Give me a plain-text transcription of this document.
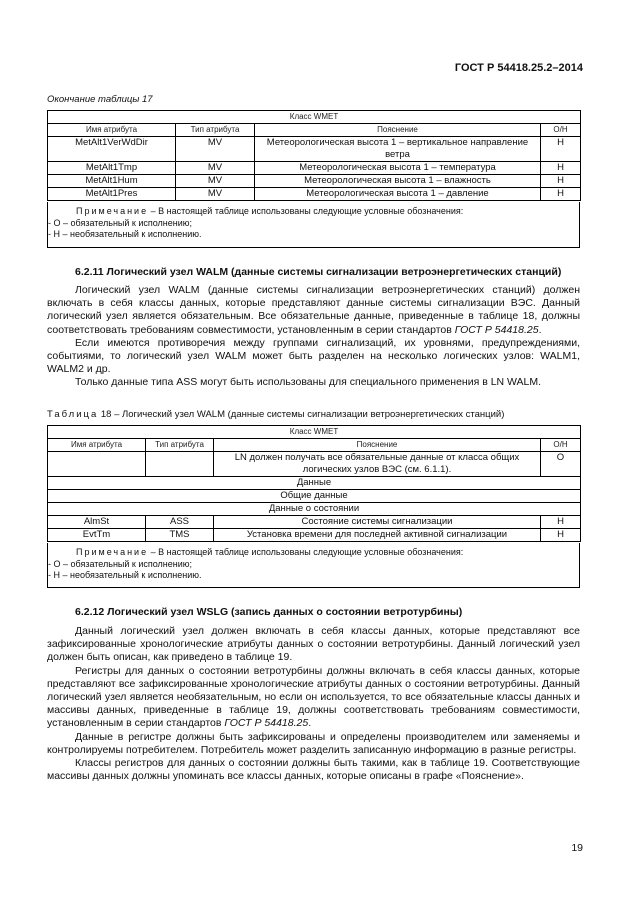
ГОСТ Р 54418.25.2–2014
Окончание таблицы 17
Класс WMET			
Имя атрибута	Тип атрибута	Пояснение	О/Н
MetAlt1VerWdDir	MV	Метеорологическая высота 1 – вертикальное направление ветра	Н
MetAlt1Tmp	MV	Метеорологическая высота 1 – температура	Н
MetAlt1Hum	MV	Метеорологическая высота 1 – влажность	Н
MetAlt1Pres	MV	Метеорологическая высота 1 – давление	Н
Примечание – В настоящей таблице использованы следующие условные обозначения:
- О – обязательный к исполнению;
- Н – необязательный к исполнению.
6.2.11 Логический узел WALM (данные системы сигнализации ветроэнергетических станций)

Логический узел WALM (данные системы сигнализации ветроэнергетических станций) должен включать в себя классы данных, которые представляют данные системы сигнализации ВЭС. Данный логический узел является обязательным. Все обязательные данные, приведенные в таблице 18, должны соответствовать требованиям совместимости, установленным в серии стандартов ГОСТ Р 54418.25.

Если имеются противоречия между группами сигнализаций, их уровнями, предупреждениями, событиями, то логический узел WALM может быть разделен на несколько логических узлов: WALM1, WALM2 и др.

Только данные типа ASS могут быть использованы для специального применения в LN WALM.

Таблица 18 – Логический узел WALM (данные системы сигнализации ветроэнергетических станций)
Класс WMET			
Имя атрибута	Тип атрибута	Пояснение	О/Н
		LN должен получать все обязательные данные от класса общих логических узлов ВЭС (см. 6.1.1).	О
Данные			
Общие данные			
Данные о состоянии			
AlmSt	ASS	Состояние системы сигнализации	Н
EvtTm	TMS	Установка времени для последней активной сигнализации	Н
Примечание – В настоящей таблице использованы следующие условные обозначения:
- О – обязательный к исполнению;
- Н – необязательный к исполнению.
6.2.12 Логический узел WSLG (запись данных о состоянии ветротурбины)

Данный логический узел должен включать в себя классы данных, которые представляют все зафиксированные хронологические атрибуты данных о состоянии ветротурбины. Данный логический узел должен быть описан, как приведено в таблице 19.

Регистры для данных о состоянии ветротурбины должны включать в себя классы данных, которые представляют все зафиксированные хронологические атрибуты данных о состоянии ветротурбины. Данный логический узел является необязательным, но если он используется, то все обязательные классы данных и массивы данных, приведенные в таблице 19, должны соответствовать требованиям совместимости, установленным в серии стандартов ГОСТ Р 54418.25.

Данные в регистре должны быть зафиксированы и определены производителем или заменяемы и контролируемы потребителем. Потребитель может разделить записанную информацию в разные регистры.

Классы регистров для данных о состоянии должны быть такими, как в таблице 19. Соответствующие массивы данных должны упоминать все классы данных, которые описаны в графе «Пояснение».

19
